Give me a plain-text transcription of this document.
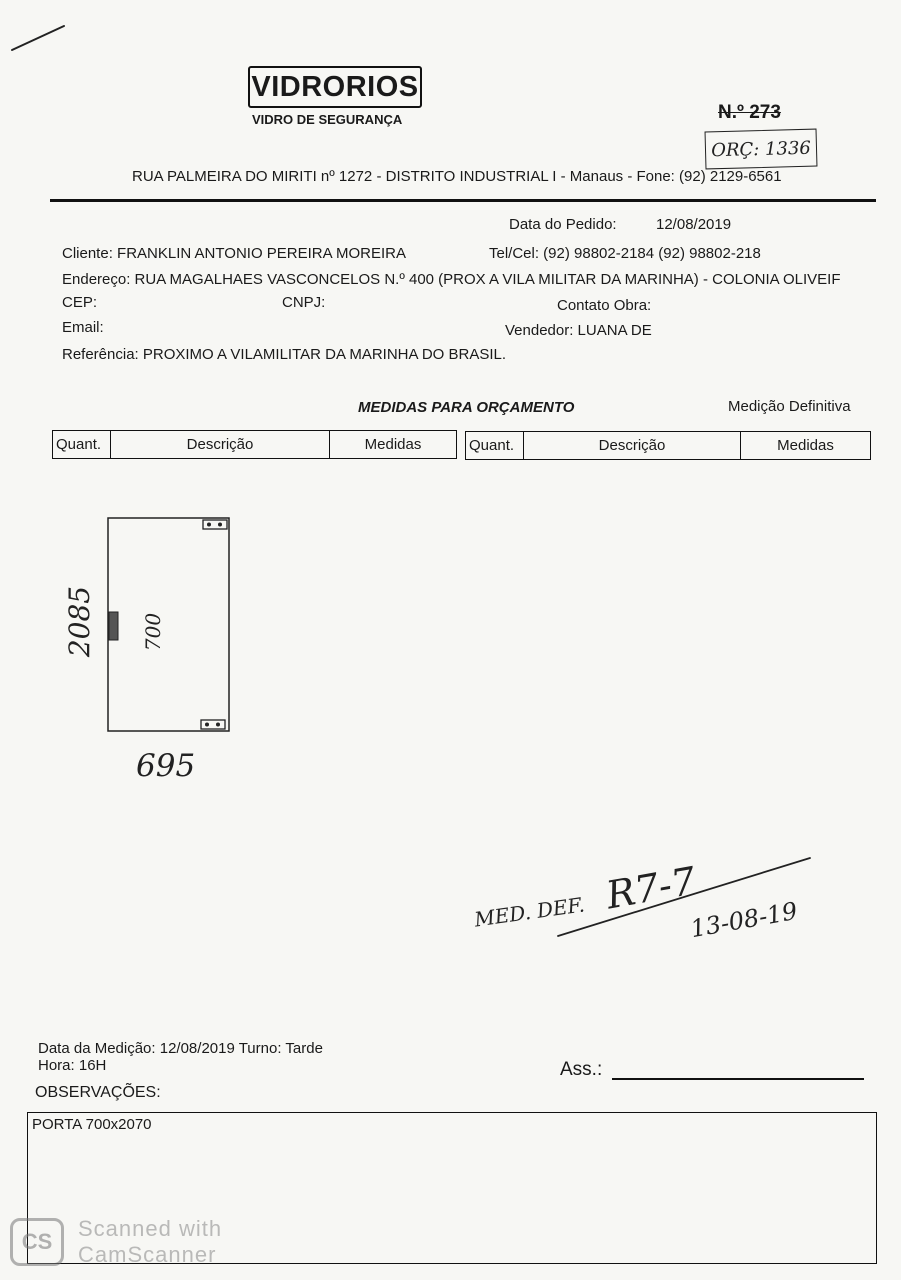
VIDRORIOS
VIDRO DE SEGURANÇA	N.º 273
ORÇ: 1336
RUA PALMEIRA DO MIRITI nº 1272 - DISTRITO INDUSTRIAL I - Manaus - Fone: (92) 2129-6561
Data do Pedido:	12/08/2019
Cliente: FRANKLIN ANTONIO PEREIRA MOREIRA	Tel/Cel: (92) 98802-2184 (92) 98802-218
Endereço: RUA MAGALHAES VASCONCELOS N.º 400 (PROX A VILA MILITAR DA MARINHA) - COLONIA OLIVEIF
CEP:	CNPJ:	Contato Obra:
Email:	Vendedor: LUANA DE
Referência: PROXIMO A VILAMILITAR DA MARINHA DO BRASIL.
MEDIDAS PARA ORÇAMENTO	Medição Definitiva
Quant.	Descrição	Medidas	Quant.	Descrição	Medidas
2085 700
695
MED. DEF. R7-7
13-08-19
Data da Medição: 12/08/2019 Turno: Tarde
Hora: 16H	Ass.:
OBSERVAÇÕES:
PORTA 700x2070
CS
Scanned with
CamScanner
